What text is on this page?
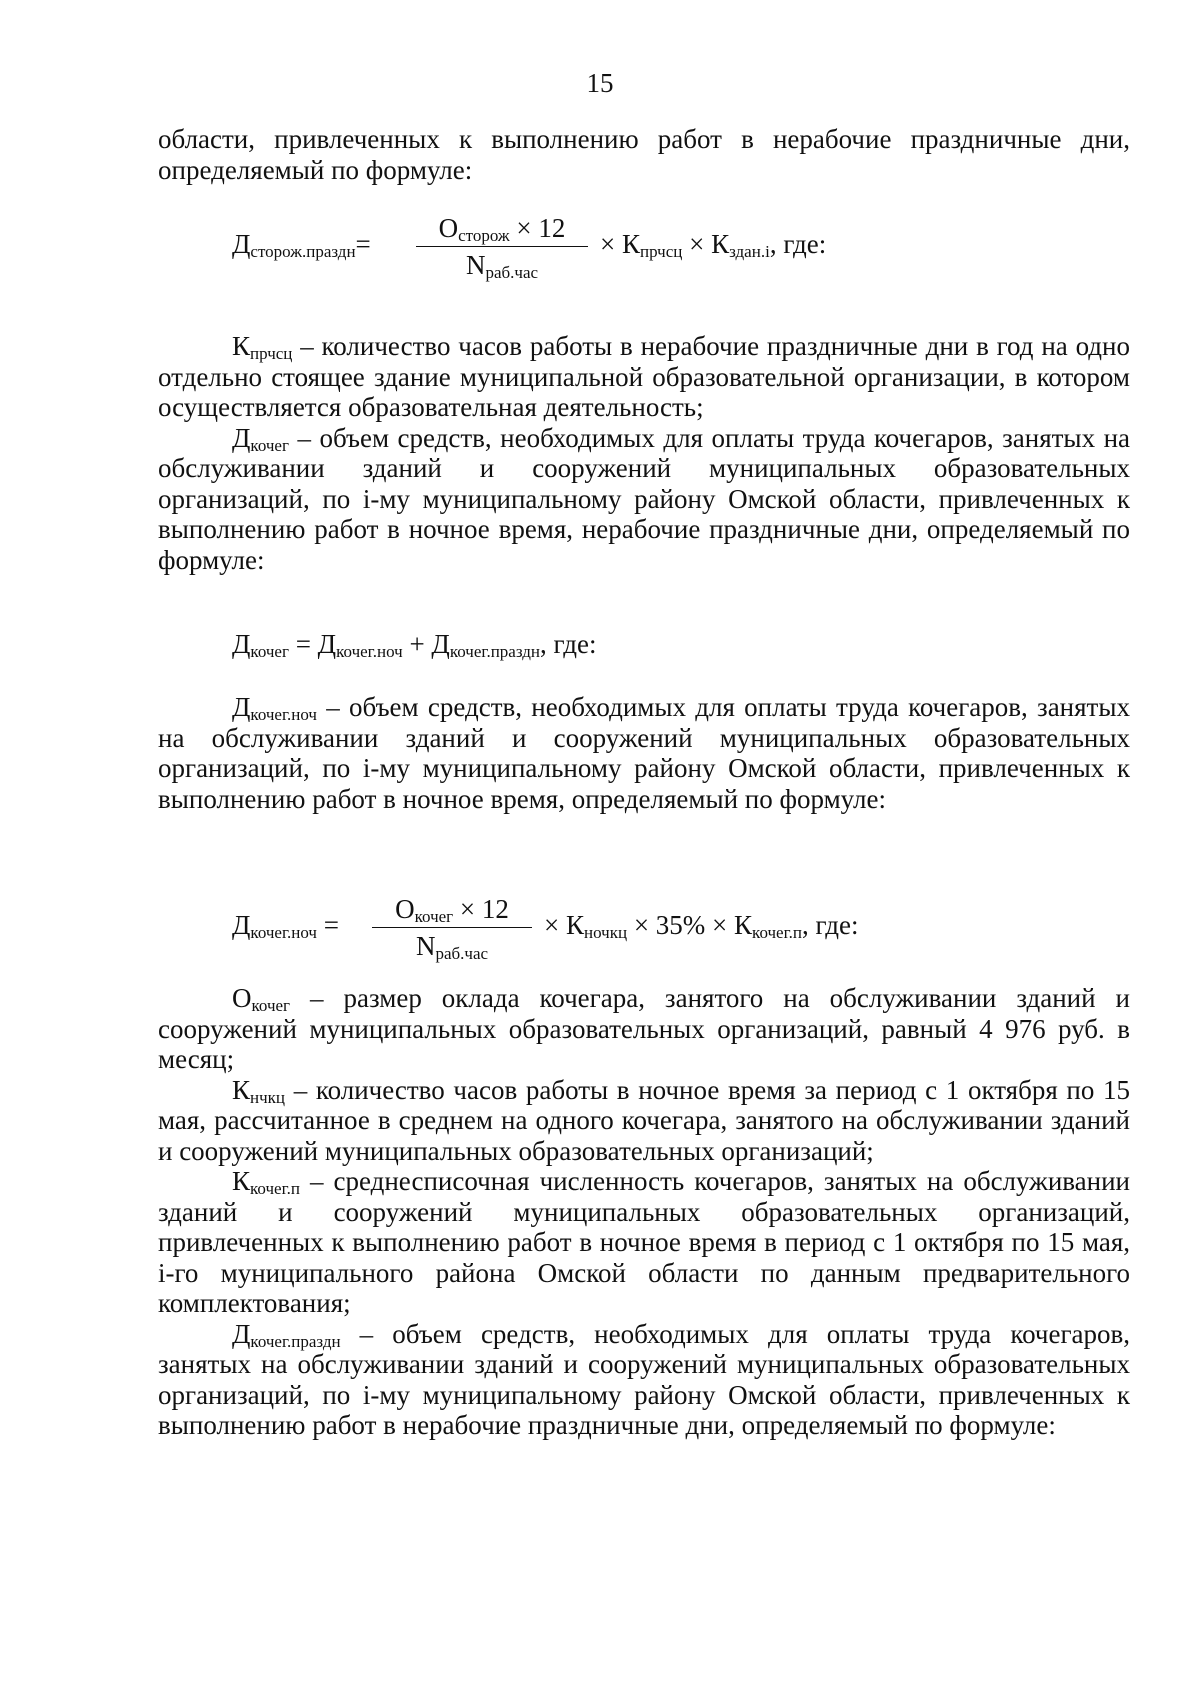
15

области, привлеченных к выполнению работ в нерабочие праздничные дни, определяемый по формуле:

$Д_{сторож.праздн}=$
$О_{сторож} \times 12$
$N_{раб.час}$
× $К_{прчсц} \times К_{здан.i}$, где:

$К_{прчсц}$ – количество часов работы в нерабочие праздничные дни в год на одно отдельно стоящее здание муниципальной образовательной организации, в котором осуществляется образовательная деятельность;

$Д_{кочег}$ – объем средств, необходимых для оплаты труда кочегаров, занятых на обслуживании зданий и сооружений муниципальных образовательных организаций, по i-му муниципальному району Омской области, привлеченных к выполнению работ в ночное время, нерабочие праздничные дни, определяемый по формуле:

$Д_{кочег} = Д_{кочег.ноч} + Д_{кочег.праздн}$, где:

$Д_{кочег.ноч}$ – объем средств, необходимых для оплаты труда кочегаров, занятых на обслуживании зданий и сооружений муниципальных образовательных организаций, по i-му муниципальному району Омской области, привлеченных к выполнению работ в ночное время, определяемый по формуле:

$Д_{кочег.ноч}$ =
$О_{кочег} \times 12$
$N_{раб.час}$
× $К_{ночкц} \times 35\% \times К_{кочег.п}$, где:

$О_{кочег}$ – размер оклада кочегара, занятого на обслуживании зданий и сооружений муниципальных образовательных организаций, равный 4 976 руб. в месяц;

$К_{нчкц}$ – количество часов работы в ночное время за период с 1 октября по 15 мая, рассчитанное в среднем на одного кочегара, занятого на обслуживании зданий и сооружений муниципальных образовательных организаций;

$К_{кочег.п}$ – среднесписочная численность кочегаров, занятых на обслуживании зданий и сооружений муниципальных образовательных организаций, привлеченных к выполнению работ в ночное время в период с 1 октября по 15 мая, i-го муниципального района Омской области по данным предварительного комплектования;

$Д_{кочег.праздн}$ – объем средств, необходимых для оплаты труда кочегаров, занятых на обслуживании зданий и сооружений муниципальных образовательных организаций, по i-му муниципальному району Омской области, привлеченных к выполнению работ в нерабочие праздничные дни, определяемый по формуле:
